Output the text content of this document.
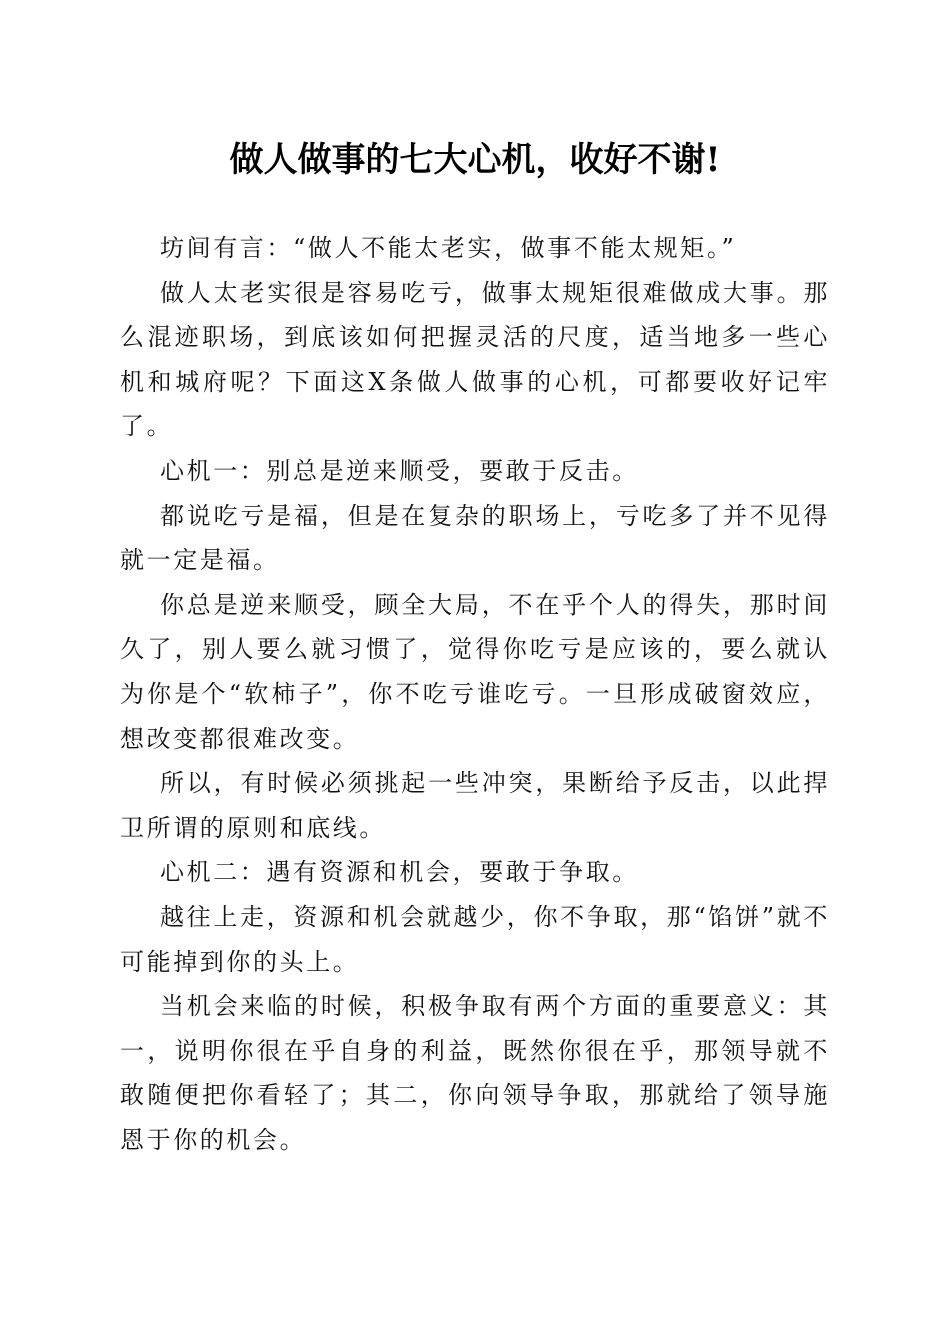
做人做事的七大心机，收好不谢!

坊间有言：“做人不能太老实，做事不能太规矩。”

做人太老实很是容易吃亏，做事太规矩很难做成大事。那么混迹职场，到底该如何把握灵活的尺度，适当地多一些心机和城府呢？下面这X条做人做事的心机，可都要收好记牢了。

心机一：别总是逆来顺受，要敢于反击。

都说吃亏是福，但是在复杂的职场上，亏吃多了并不见得就一定是福。

你总是逆来顺受，顾全大局，不在乎个人的得失，那时间久了，别人要么就习惯了，觉得你吃亏是应该的，要么就认为你是个“软柿子”，你不吃亏谁吃亏。一旦形成破窗效应，想改变都很难改变。

所以，有时候必须挑起一些冲突，果断给予反击，以此捍卫所谓的原则和底线。

心机二：遇有资源和机会，要敢于争取。

越往上走，资源和机会就越少，你不争取，那“馅饼”就不可能掉到你的头上。

当机会来临的时候，积极争取有两个方面的重要意义：其一，说明你很在乎自身的利益，既然你很在乎，那领导就不敢随便把你看轻了；其二，你向领导争取，那就给了领导施恩于你的机会。
